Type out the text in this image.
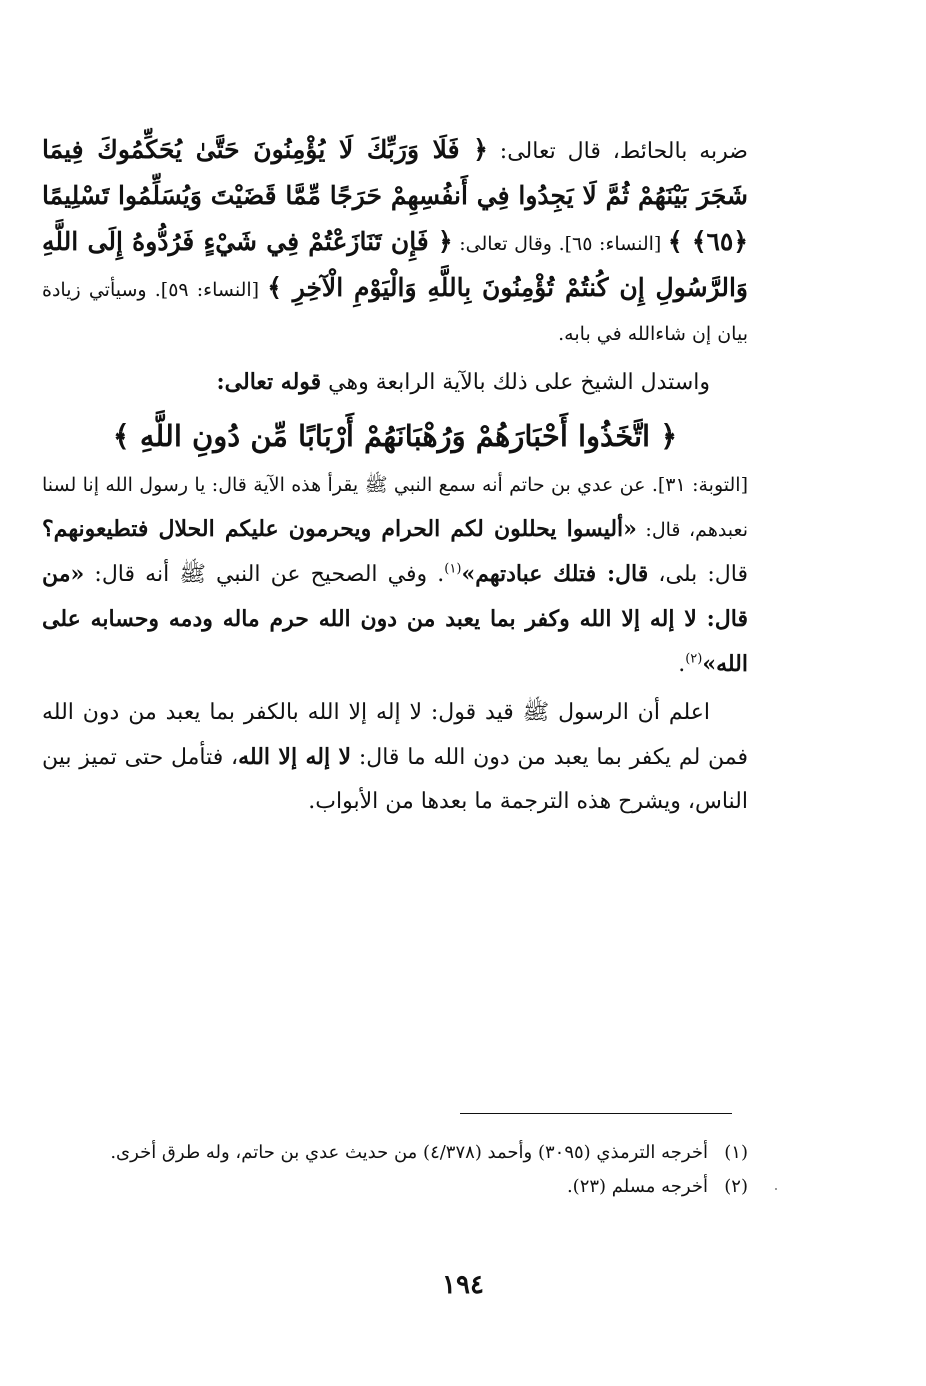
ضربه بالحائط، قال تعالى: ﴿ فَلَا وَرَبِّكَ لَا يُؤْمِنُونَ حَتَّىٰ يُحَكِّمُوكَ فِيمَا شَجَرَ بَيْنَهُمْ ثُمَّ لَا يَجِدُوا فِي أَنفُسِهِمْ حَرَجًا مِّمَّا قَضَيْتَ وَيُسَلِّمُوا تَسْلِيمًا ﴿٦٥﴾ ﴾ [النساء: ٦٥]. وقال تعالى: ﴿ فَإِن تَنَازَعْتُمْ فِي شَيْءٍ فَرُدُّوهُ إِلَى اللَّهِ وَالرَّسُولِ إِن كُنتُمْ تُؤْمِنُونَ بِاللَّهِ وَالْيَوْمِ الْآخِرِ ﴾ [النساء: ٥٩]. وسيأتي زيادة بيان إن شاءالله في بابه.

واستدل الشيخ على ذلك بالآية الرابعة وهي قوله تعالى:

﴿ اتَّخَذُوا أَحْبَارَهُمْ وَرُهْبَانَهُمْ أَرْبَابًا مِّن دُونِ اللَّهِ ﴾

[التوبة: ٣١]. عن عدي بن حاتم أنه سمع النبي ﷺ يقرأ هذه الآية قال: يا رسول الله إنا لسنا نعبدهم، قال: «أليسوا يحللون لكم الحرام ويحرمون عليكم الحلال فتطيعونهم؟ قال: بلى، قال: فتلك عبادتهم»$^{(١)}$. وفي الصحيح عن النبي ﷺ أنه قال: «من قال: لا إله إلا الله وكفر بما يعبد من دون الله حرم ماله ودمه وحسابه على الله»$^{(٢)}$.

اعلم أن الرسول ﷺ قيد قول: لا إله إلا الله بالكفر بما يعبد من دون الله فمن لم يكفر بما يعبد من دون الله ما قال: لا إله إلا الله، فتأمل حتى تميز بين الناس، ويشرح هذه الترجمة ما بعدها من الأبواب.

(١)
أخرجه الترمذي (٣٠٩٥) وأحمد (٤/٣٧٨) من حديث عدي بن حاتم، وله طرق أخرى.

(٢)
أخرجه مسلم (٢٣).

١٩٤
